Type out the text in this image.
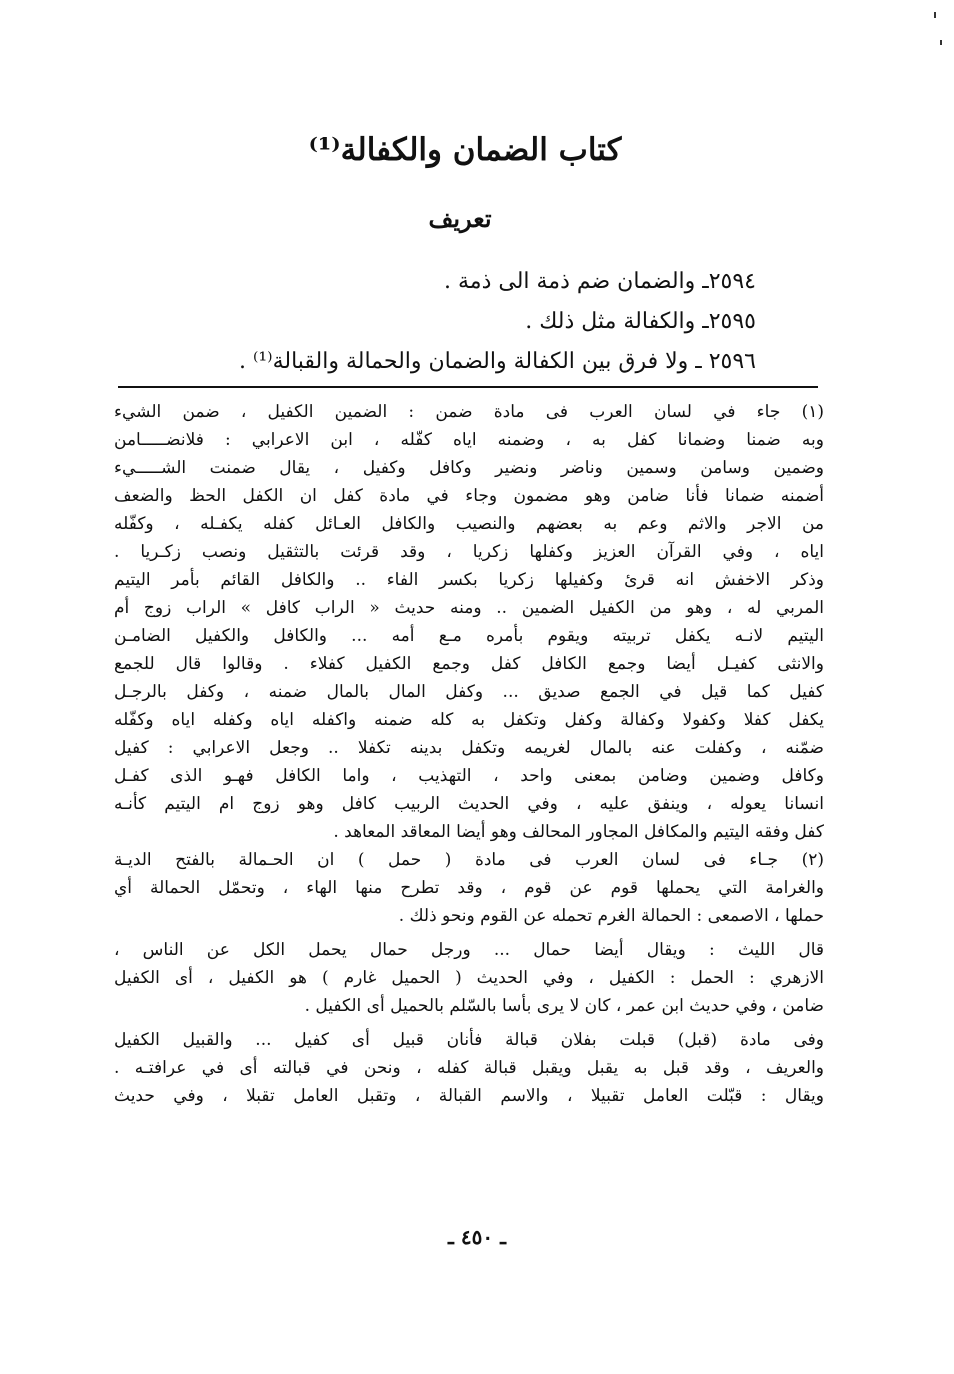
كتاب الضمان والكفالة⁽¹⁾
تعريف
٢٥٩٤ـ والضمان ضم ذمة الى ذمة .
٢٥٩٥ـ والكفالة مثل ذلك .
٢٥٩٦ ـ ولا فرق بين الكفالة والضمان والحمالة والقبالة⁽¹⁾ .
(١) جاء في لسان العرب فى مادة ضمن : الضمين الكفيل ، ضمن الشيء
وبه ضمنا وضمانا كفل به ، وضمنه اياه كفّله ، ابن الاعرابي : فلانضـــــامن
وضمين وسامن وسمين وناضر ونضير وكافل وكفيل ، يقال ضمنت الشـــــيء
أضمنه ضمانا فأنا ضامن وهو مضمون وجاء في مادة كفل ان الكفل الحظ والضعف
من الاجر والاثم وعم به بعضهم والنصيب والكافل العـائل كفله يكفـله ، وكفّله
اياه ، وفي القرآن العزيز وكفلها زكريا ، وقد قرئت بالتثقيل ونصب زكـريا .
وذكر الاخفش انه قرئ وكفيلها زكريا بكسر الفاء .. والكافل القائم بأمر اليتيم
المربي له ، وهو من الكفيل الضمين .. ومنه حديث « الراب كافل » الراب زوج أم
اليتيم لانـه يكفل تربيته ويقوم بأمره مـع أمه ... والكافل والكفيل الضامـن
والانثى كفيـل أيضا وجمع الكافل كفل وجمع الكفيل كفلاء . وقالوا قال للجمع
كفيل كما قيل في الجمع صديق ... وكفل المال بالمال ضمنه ، وكفل بالرجـل
يكفل كفلا وكفولا وكفالة وكفل وتكفل به كله ضمنه واكفله اياه وكفله اياه وكفّله
ضمّنه ، وكفلت عنه بالمال لغريمه وتكفل بدينه تكفلا .. وجعل الاعرابي : كفيل
وكافل وضمين وضامن بمعنى واحد ، التهذيب ، واما الكافل فهـو الذى كفـل
انسانا يعوله ، وينفق عليه ، وفي الحديث الربيب كافل وهو زوج ام اليتيم كأنـه
كفل وفقه اليتيم والمكافل المجاور المحالف وهو أيضا المعاقد المعاهد .
(٢) جـاء فى لسان العرب فى مادة ( حمل ) ان الحـمالة بالفتح الديـة
والغرامة التي يحملها قوم عن قوم ، وقد تطرح منها الهاء ، وتحمّل الحمالة أي
حملها ، الاصمعى : الحمالة الغرم تحمله عن القوم ونحو ذلك .
قال الليث : ويقال أيضا حمال ... ورجل حمال يحمل الكل عن الناس ،
الازهري : الحمل : الكفيل ، وفي الحديث ( الحميل غارم ) هو الكفيل ، أى الكفيل
ضامن ، وفي حديث ابن عمر ، كان لا يرى بأسا بالسّلم بالحميل أى الكفيل .
وفى مادة (قبل) قبلت بفلان قبالة فأنان قبيل أى كفيل ... والقبيل الكفيل
والعريف ، وقد قبل به يقبل ويقبل قبالة كفله ، ونحن في قبالته أى في عرافتـه .
ويقال : قبّلت العامل تقبيلا ، والاسم القبالة ، وتقبل العامل تقبلا ، وفي حديث
ـ ٤٥٠ ـ
